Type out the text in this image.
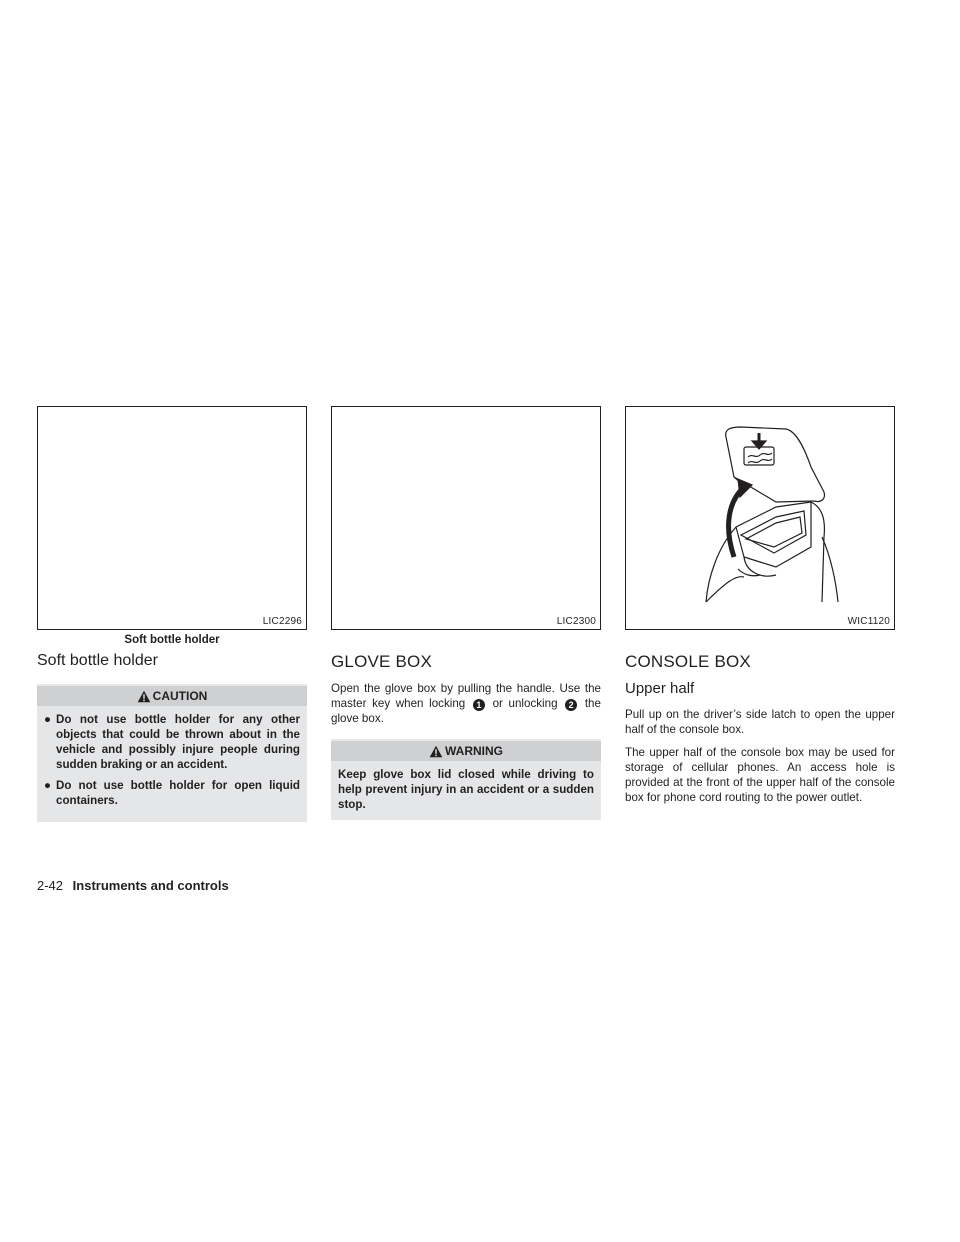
LIC2296
Soft bottle holder
Soft bottle holder
CAUTION
● Do not use bottle holder for any other objects that could be thrown about in the vehicle and possibly injure people during sudden braking or an accident.
● Do not use bottle holder for open liquid containers.
LIC2300
GLOVE BOX

Open the glove box by pulling the handle. Use the master key when locking 1 or unlocking 2 the glove box.

WARNING

Keep glove box lid closed while driving to help prevent injury in an accident or a sudden stop.

WIC1120
CONSOLE BOX
Upper half

Pull up on the driver’s side latch to open the upper half of the console box.

The upper half of the console box may be used for storage of cellular phones. An access hole is provided at the front of the upper half of the console box for phone cord routing to the power outlet.

2-42 Instruments and controls
